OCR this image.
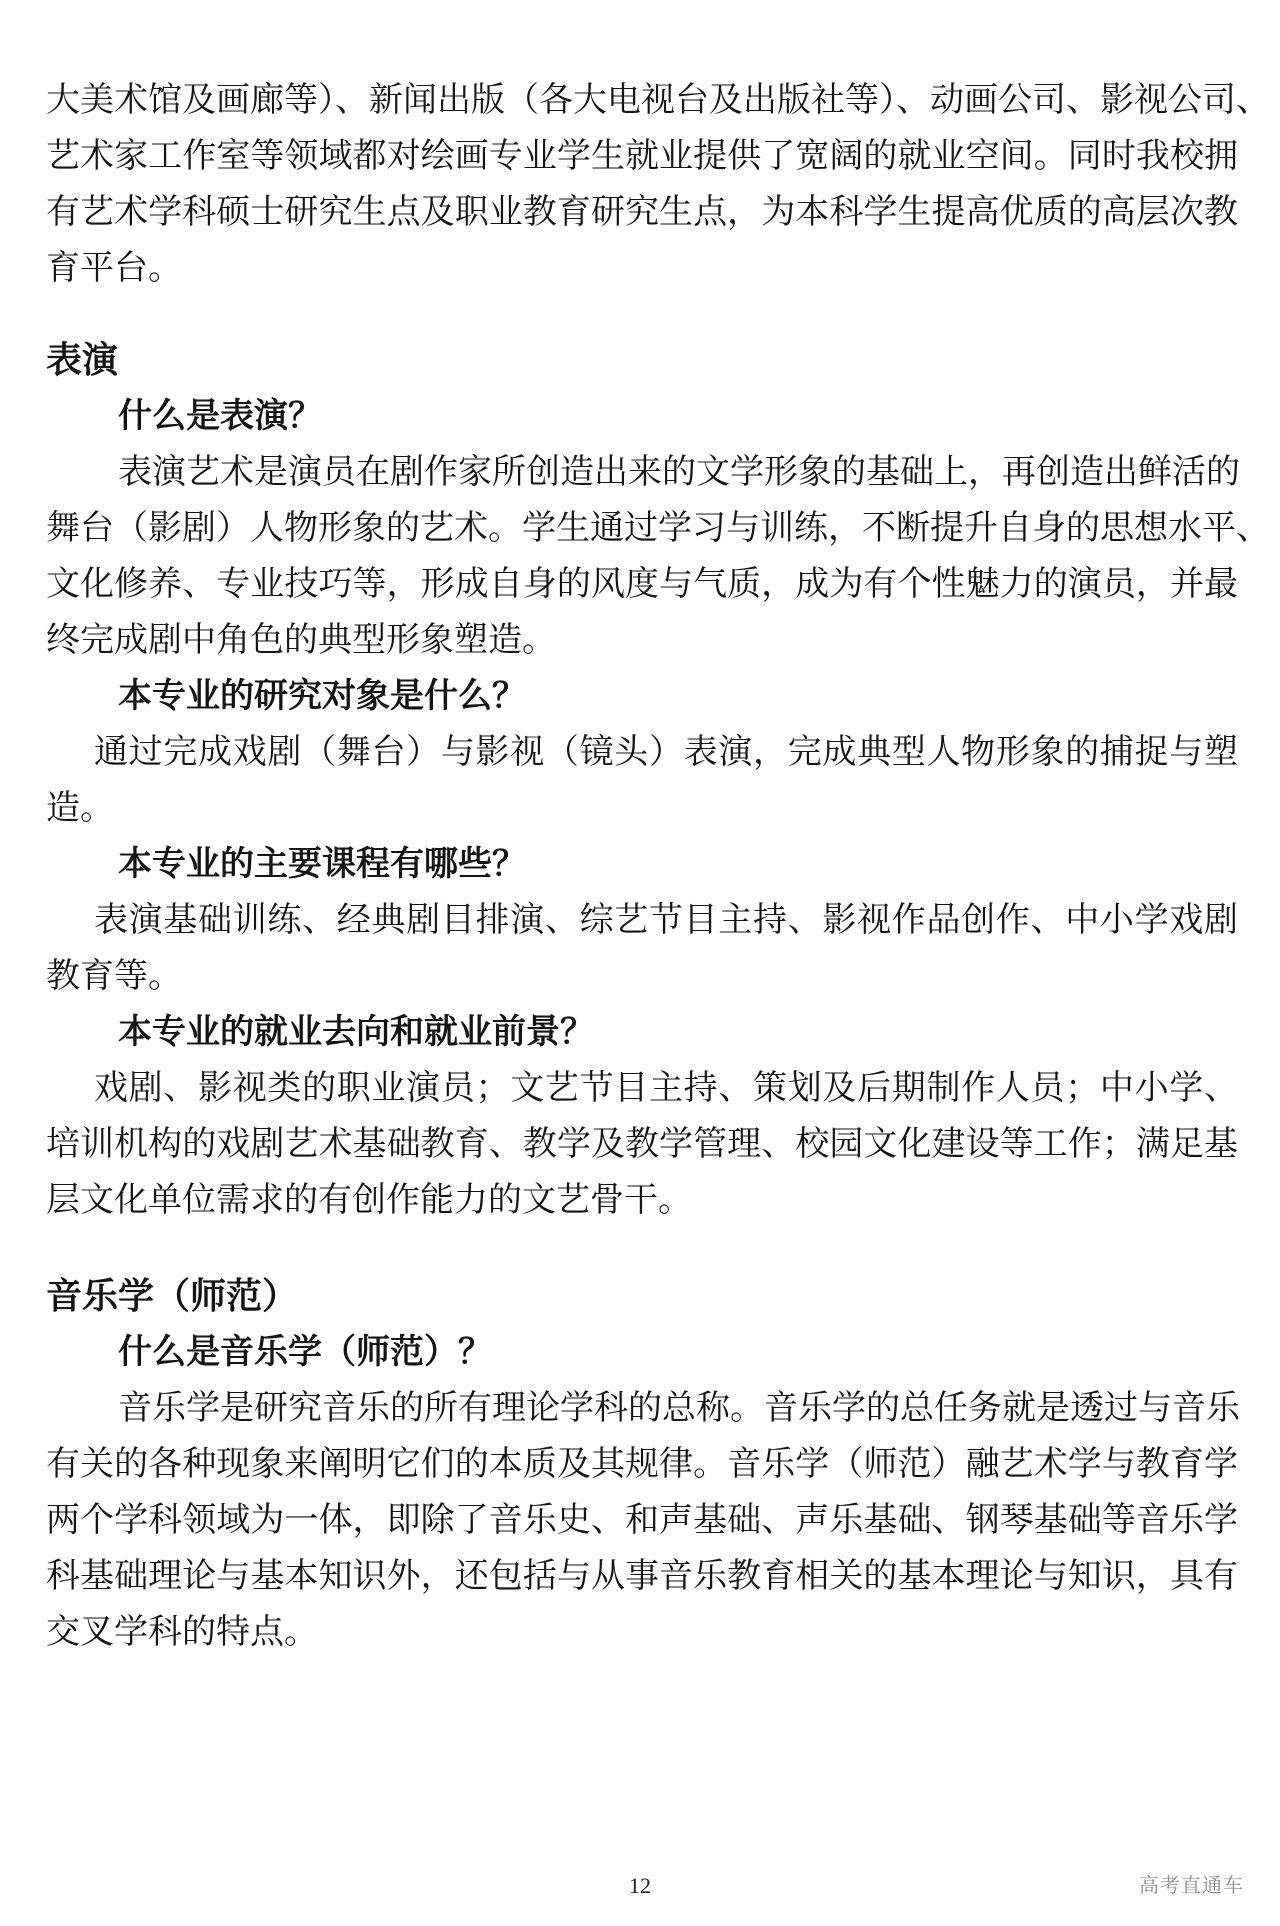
大美术馆及画廊等）、新闻出版（各大电视台及出版社等）、动画公司、影视公司、
艺术家工作室等领域都对绘画专业学生就业提供了宽阔的就业空间。同时我校拥
有艺术学科硕士研究生点及职业教育研究生点，为本科学生提高优质的高层次教
育平台。
表演
什么是表演？
表演艺术是演员在剧作家所创造出来的文学形象的基础上，再创造出鲜活的
舞台（影剧）人物形象的艺术。学生通过学习与训练，不断提升自身的思想水平、
文化修养、专业技巧等，形成自身的风度与气质，成为有个性魅力的演员，并最
终完成剧中角色的典型形象塑造。
本专业的研究对象是什么？
通过完成戏剧（舞台）与影视（镜头）表演，完成典型人物形象的捕捉与塑
造。
本专业的主要课程有哪些？
表演基础训练、经典剧目排演、综艺节目主持、影视作品创作、中小学戏剧
教育等。
本专业的就业去向和就业前景？
戏剧、影视类的职业演员；文艺节目主持、策划及后期制作人员；中小学、
培训机构的戏剧艺术基础教育、教学及教学管理、校园文化建设等工作；满足基
层文化单位需求的有创作能力的文艺骨干。
音乐学（师范）
什么是音乐学（师范）？
音乐学是研究音乐的所有理论学科的总称。音乐学的总任务就是透过与音乐
有关的各种现象来阐明它们的本质及其规律。音乐学（师范）融艺术学与教育学
两个学科领域为一体，即除了音乐史、和声基础、声乐基础、钢琴基础等音乐学
科基础理论与基本知识外，还包括与从事音乐教育相关的基本理论与知识，具有
交叉学科的特点。
12	高考直通车
